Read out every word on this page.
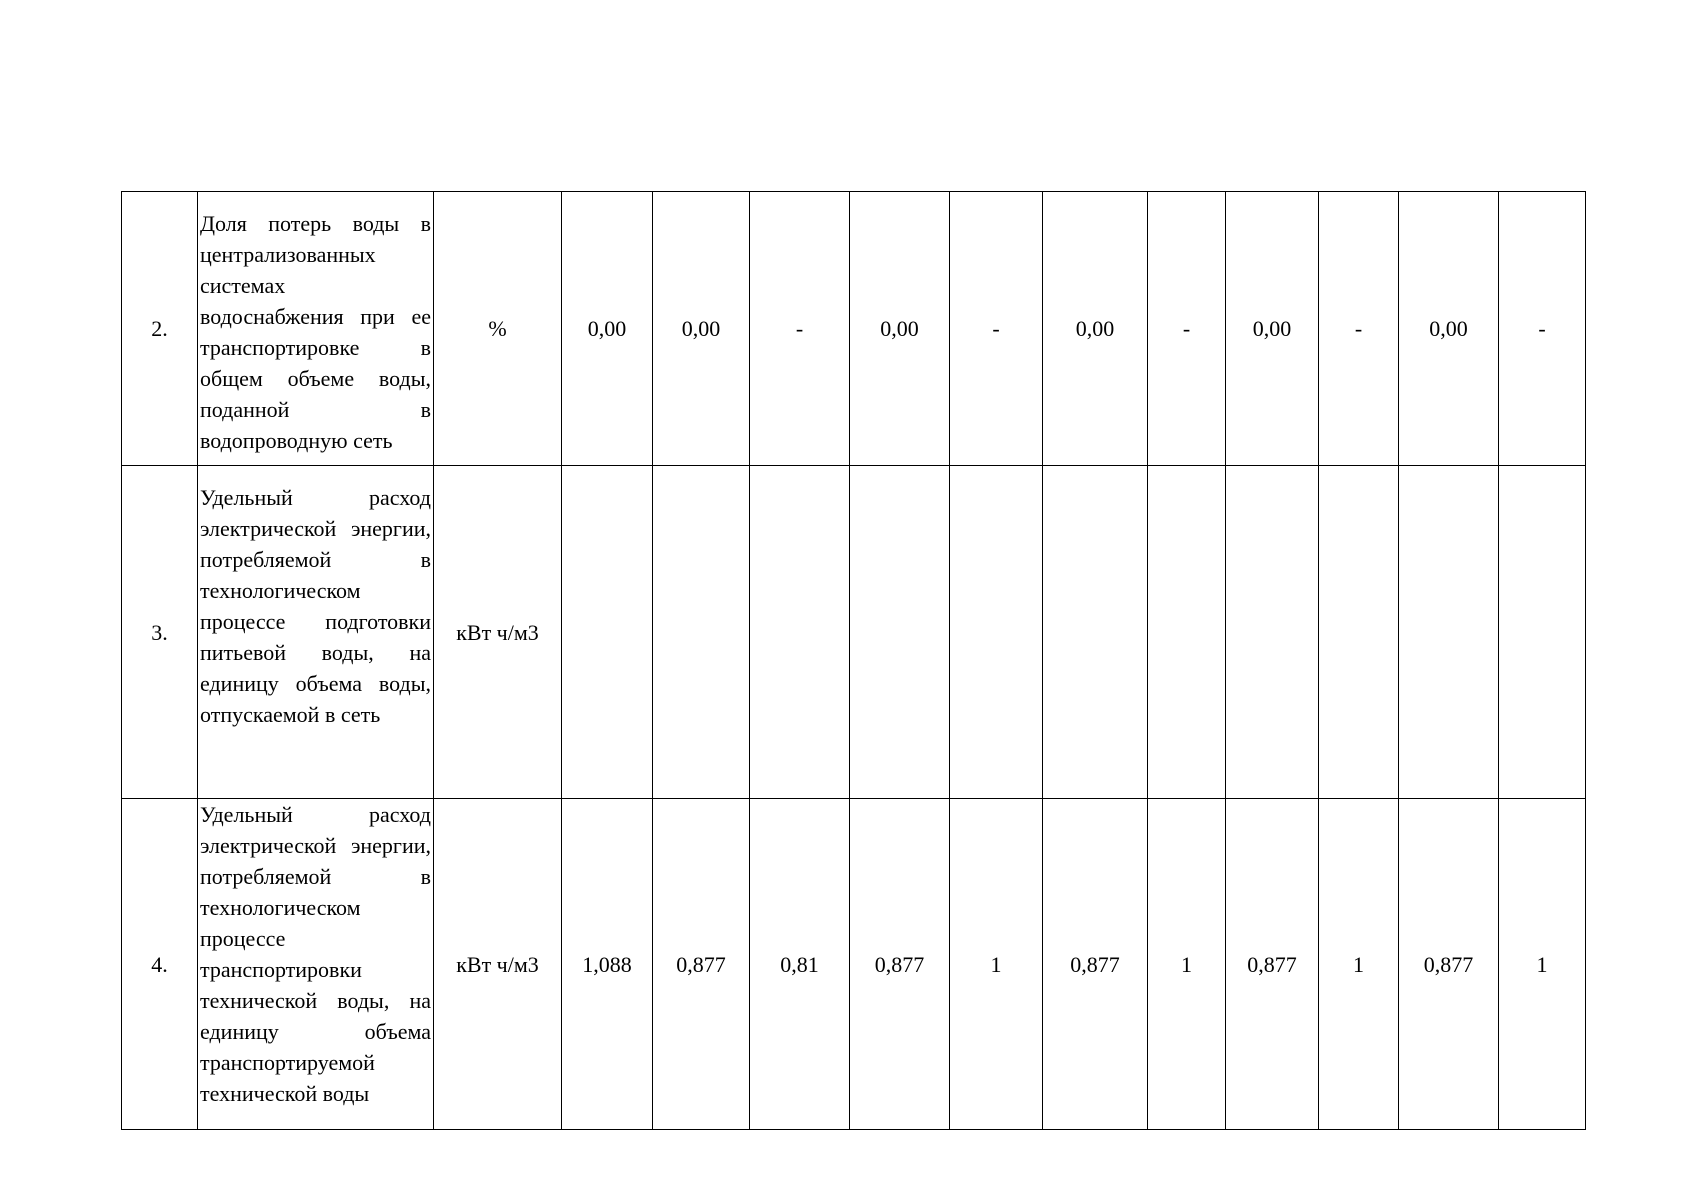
2.	Доля потерь воды в централизованных системах водоснабжения при ее транспортировке в общем объеме воды, поданной в водопроводную сеть	%	0,00	0,00	-	0,00	-	0,00	-	0,00	-	0,00	-
3.	Удельный расход электрической энергии, потребляемой в технологическом процессе подготовки питьевой воды, на единицу объема воды, отпускаемой в сеть	кВт ч/м3											
4.	Удельный расход электрической энергии, потребляемой в технологическом процессе транспортировки технической воды, на единицу объема транспортируемой технической воды	кВт ч/м3	1,088	0,877	0,81	0,877	1	0,877	1	0,877	1	0,877	1
